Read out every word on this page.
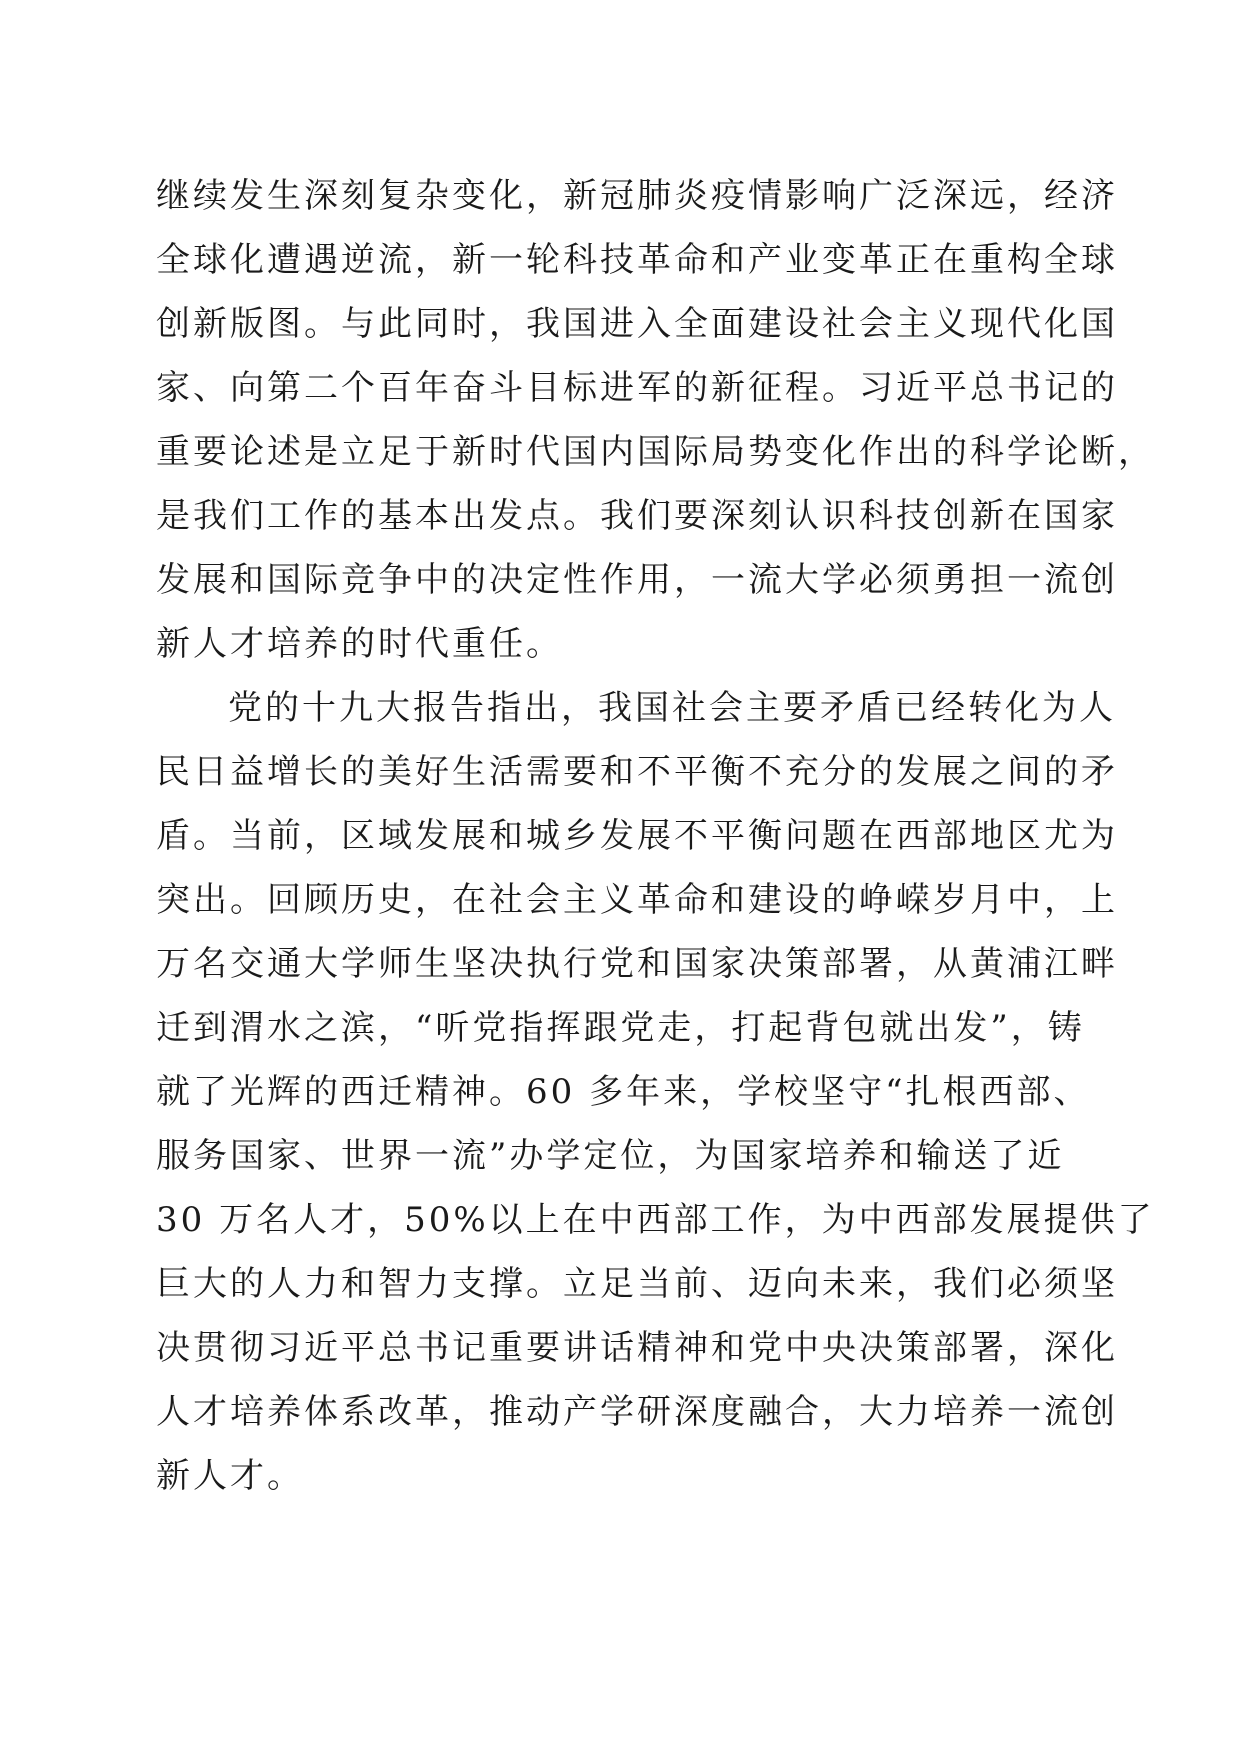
继续发生深刻复杂变化，新冠肺炎疫情影响广泛深远，经济
全球化遭遇逆流，新一轮科技革命和产业变革正在重构全球
创新版图。与此同时，我国进入全面建设社会主义现代化国
家、向第二个百年奋斗目标进军的新征程。习近平总书记的
重要论述是立足于新时代国内国际局势变化作出的科学论断，
是我们工作的基本出发点。我们要深刻认识科技创新在国家
发展和国际竞争中的决定性作用，一流大学必须勇担一流创
新人才培养的时代重任。
党的十九大报告指出，我国社会主要矛盾已经转化为人
民日益增长的美好生活需要和不平衡不充分的发展之间的矛
盾。当前，区域发展和城乡发展不平衡问题在西部地区尤为
突出。回顾历史，在社会主义革命和建设的峥嵘岁月中，上
万名交通大学师生坚决执行党和国家决策部署，从黄浦江畔
迁到渭水之滨，“听党指挥跟党走，打起背包就出发”，铸
就了光辉的西迁精神。60 多年来，学校坚守“扎根西部、
服务国家、世界一流”办学定位，为国家培养和输送了近
30 万名人才，50%以上在中西部工作，为中西部发展提供了
巨大的人力和智力支撑。立足当前、迈向未来，我们必须坚
决贯彻习近平总书记重要讲话精神和党中央决策部署，深化
人才培养体系改革，推动产学研深度融合，大力培养一流创
新人才。
